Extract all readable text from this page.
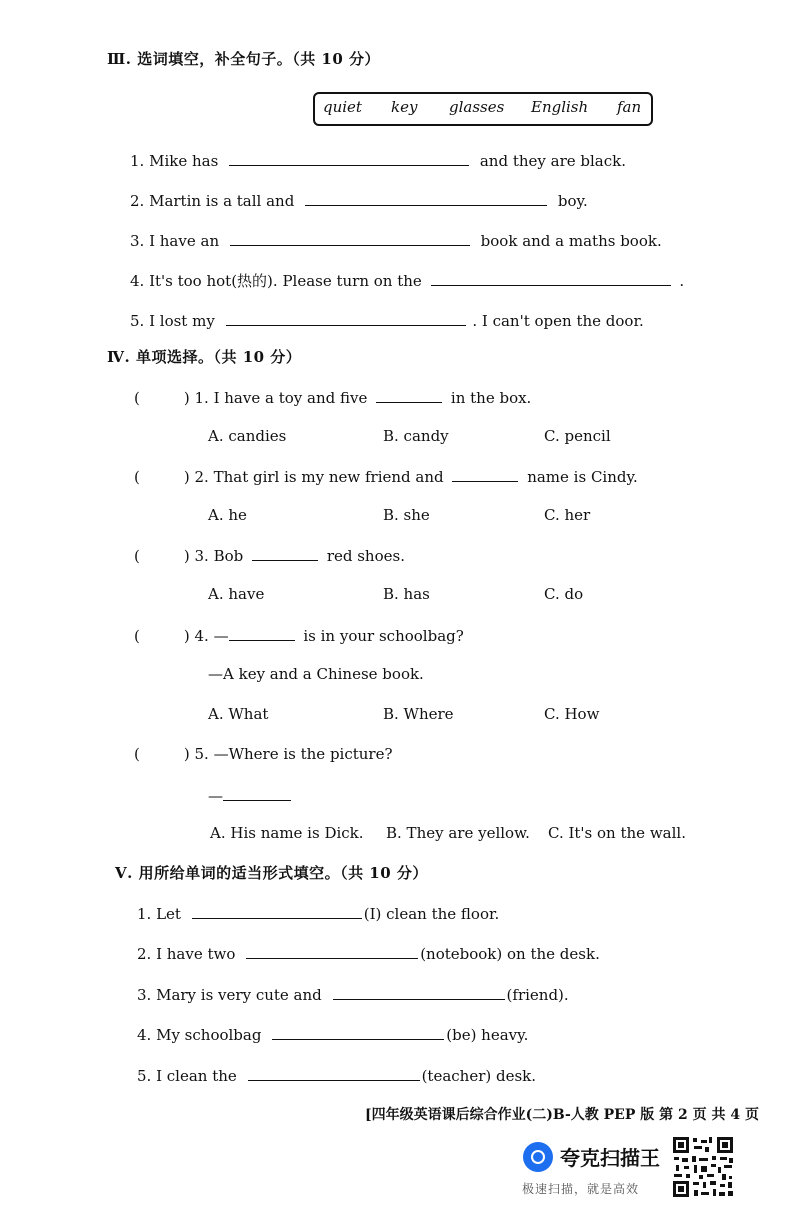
Ⅲ. 选词填空，补全句子。（共 10 分）
quiet key glasses English fan
1. Mike has	and they are black.
2. Martin is a tall and	boy.
3. I have an	book and a maths book.
4. It's too hot(热的). Please turn on the	.
5. I lost my	. I can't open the door.
Ⅳ. 单项选择。（共 10 分）
(	) 1. I have a toy and five	in the box.
A. candies	B. candy	C. pencil
(	) 2. That girl is my new friend and	name is Cindy.
A. he	B. she	C. her
(	) 3. Bob	red shoes.
A. have	B. has	C. do
(	) 4. —	is in your schoolbag?
—A key and a Chinese book.
A. What	B. Where	C. How
(	) 5. —Where is the picture?
—
A. His name is Dick. B. They are yellow. C. It's on the wall.
Ⅴ. 用所给单词的适当形式填空。（共 10 分）
1. Let	(I) clean the floor.
2. I have two	(notebook) on the desk.
3. Mary is very cute and	(friend).
4. My schoolbag	(be) heavy.
5. I clean the	(teacher) desk.
[四年级英语课后综合作业(二)B-人教 PEP 版 第 2 页 共 4 页
夸克扫描王
极速扫描，就是高效
